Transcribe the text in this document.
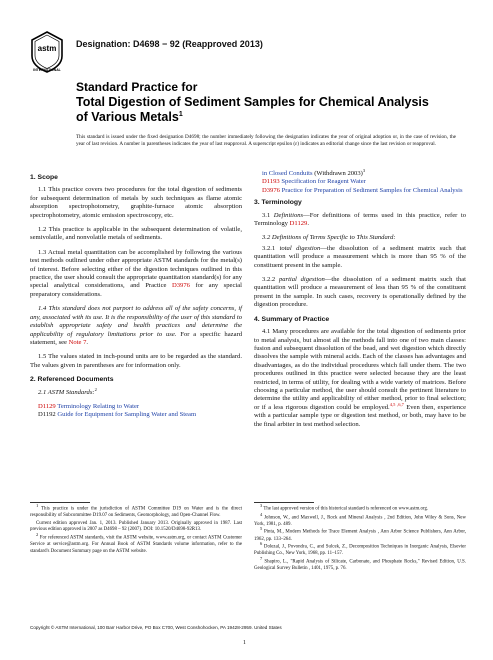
astm
INTERNATIONAL
Designation: D4698 − 92 (Reapproved 2013)
Standard Practice for
Total Digestion of Sediment Samples for Chemical Analysis
of Various Metals$^1$
This standard is issued under the fixed designation D4698; the number immediately following the designation indicates the year of original adoption or, in the case of revision, the year of last revision. A number in parentheses indicates the year of last reapproval. A superscript epsilon (ε) indicates an editorial change since the last revision or reapproval.
1. Scope

1.1 This practice covers two procedures for the total digestion of sediments for subsequent determination of metals by such techniques as flame atomic absorption spectrophotometry, graphite-furnace atomic absorption spectrophotometry, atomic emission spectroscopy, etc.

1.2 This practice is applicable in the subsequent determination of volatile, semivolatile, and nonvolatile metals of sediments.

1.3 Actual metal quantitation can be accomplished by following the various test methods outlined under other appropriate ASTM standards for the metal(s) of interest. Before selecting either of the digestion techniques outlined in this practice, the user should consult the appropriate quantitation standard(s) for any special analytical considerations, and Practice D3976 for any special preparatory considerations.

1.4 This standard does not purport to address all of the safety concerns, if any, associated with its use. It is the responsibility of the user of this standard to establish appropriate safety and health practices and determine the applicability of regulatory limitations prior to use. For a specific hazard statement, see Note 7.

1.5 The values stated in inch-pound units are to be regarded as the standard. The values given in parentheses are for information only.

2. Referenced Documents

2.1 ASTM Standards:$^2$

D1129 Terminology Relating to Water

D1192 Guide for Equipment for Sampling Water and Steam

in Closed Conduits (Withdrawn 2003)$^3$

D1193 Specification for Reagent Water

D3976 Practice for Preparation of Sediment Samples for Chemical Analysis

3. Terminology

3.1 Definitions—For definitions of terms used in this practice, refer to Terminology D1129.

3.2 Definitions of Terms Specific to This Standard:

3.2.1 total digestion—the dissolution of a sediment matrix such that quantitation will produce a measurement which is more than 95 % of the constituent present in the sample.

3.2.2 partial digestion—the dissolution of a sediment matrix such that quantitation will produce a measurement of less than 95 % of the constituent present in the sample. In such cases, recovery is operationally defined by the digestion procedure.

4. Summary of Practice

4.1 Many procedures are available for the total digestion of sediments prior to metal analysis, but almost all the methods fall into one of two main classes: fusion and subsequent dissolution of the bead, and wet digestion which directly dissolves the sample with mineral acids. Each of the classes has advantages and disadvantages, as do the individual procedures which fall under them. The two procedures outlined in this practice were selected because they are the least restricted, in terms of utility, for dealing with a wide variety of matrices. Before choosing a particular method, the user should consult the pertinent literature to determine the utility and applicability of either method, prior to final selection; or if a less rigorous digestion could be employed.$^{4,5 ,6,7}$ Even then, experience with a particular sample type or digestion test method, or both, may have to be the final arbiter in test method selection.

$^1$ This practice is under the jurisdiction of ASTM Committee D19 on Water and is the direct responsibility of Subcommittee D19.07 on Sediments, Geomorphology, and Open-Channel Flow.

Current edition approved Jan. 1, 2013. Published January 2013. Originally approved in 1987. Last previous edition approved in 2007 as D4698 – 92 (2007). DOI: 10.1520/D4698-92R13.

$^2$ For referenced ASTM standards, visit the ASTM website, www.astm.org, or contact ASTM Customer Service at service@astm.org. For Annual Book of ASTM Standards volume information, refer to the standard's Document Summary page on the ASTM website.

$^3$ The last approved version of this historical standard is referenced on www.astm.org.

$^4$ Johnson, W., and Maxwell, J., Rock and Mineral Analysis , 2nd Edition, John Wiley & Sons, New York, 1981, p. 489.

$^5$ Pinta, M., Modern Methods for Trace Element Analysis , Ann Arbor Science Publishers, Ann Arbor, 1962, pp. 133–264.

$^6$ Dolezal, J., Povondra, C., and Sulcek, Z., Decomposition Techniques in Inorganic Analysis, Elsevier Publishing Co., New York, 1968, pp. 11–157.

$^7$ Shapiro, L., "Rapid Analysis of Silicate, Carbonate, and Phosphate Rocks," Revised Edition, U.S. Geological Survey Bulletin , 1401, 1975, p. 76.

Copyright © ASTM International, 100 Barr Harbor Drive, PO Box C700, West Conshohocken, PA 19428-2959. United States
1
